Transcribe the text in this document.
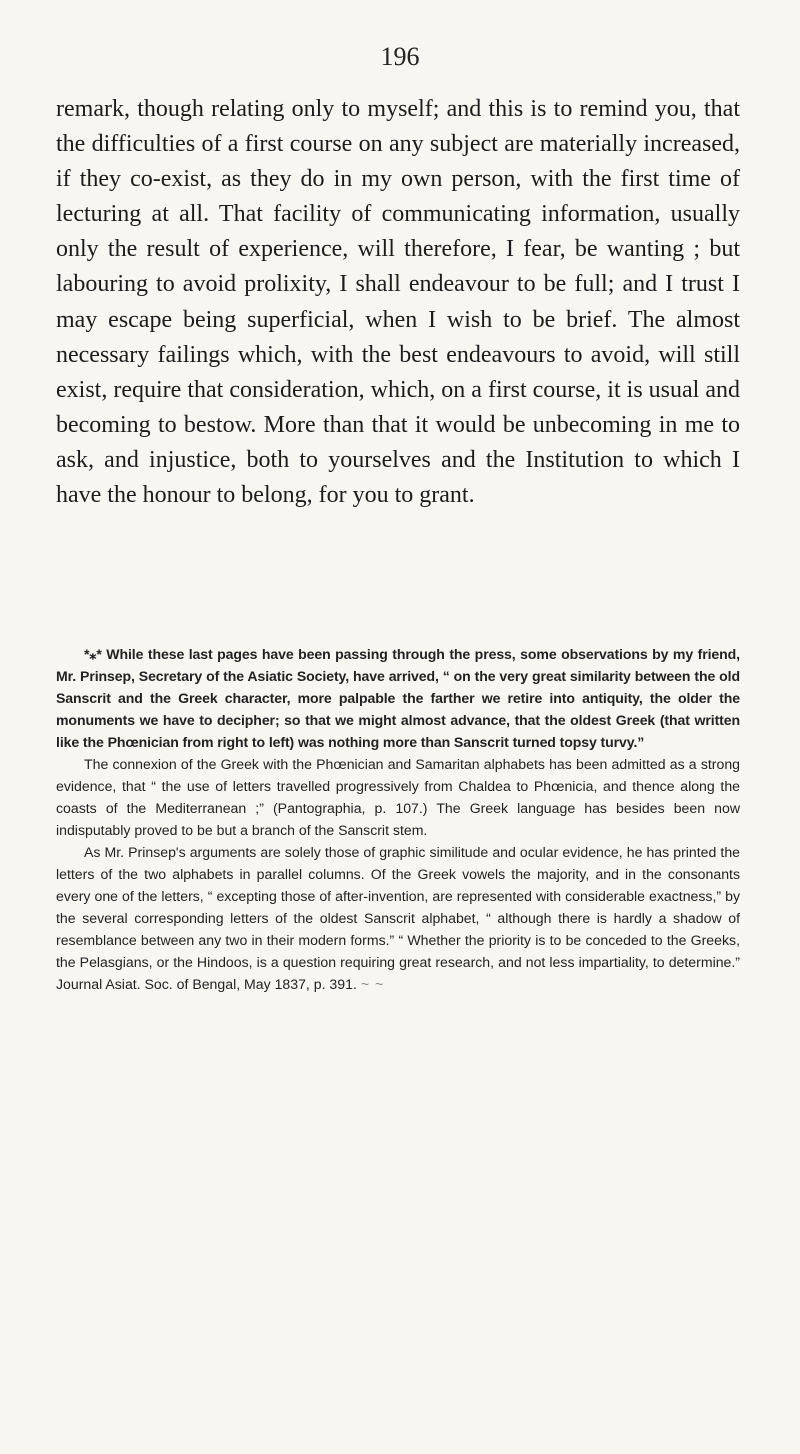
196

remark, though relating only to myself; and this is to remind you, that the difficulties of a first course on any subject are materially increased, if they co-exist, as they do in my own person, with the first time of lecturing at all. That facility of communicating information, usually only the result of experience, will therefore, I fear, be wanting ; but labouring to avoid prolixity, I shall endeavour to be full; and I trust I may escape being superficial, when I wish to be brief. The almost necessary failings which, with the best endeavours to avoid, will still exist, require that consideration, which, on a first course, it is usual and becoming to bestow. More than that it would be unbecoming in me to ask, and injustice, both to yourselves and the Institution to which I have the honour to belong, for you to grant.

*⁎* While these last pages have been passing through the press, some observations by my friend, Mr. Prinsep, Secretary of the Asiatic Society, have arrived, “ on the very great similarity between the old Sanscrit and the Greek character, more palpable the farther we retire into antiquity, the older the monuments we have to decipher; so that we might almost advance, that the oldest Greek (that written like the Phœnician from right to left) was nothing more than Sanscrit turned topsy turvy.”

The connexion of the Greek with the Phœnician and Samaritan alphabets has been admitted as a strong evidence, that “ the use of letters travelled progressively from Chaldea to Phœnicia, and thence along the coasts of the Mediterranean ;” (Pantographia, p. 107.) The Greek language has besides been now indisputably proved to be but a branch of the Sanscrit stem.

As Mr. Prinsep's arguments are solely those of graphic similitude and ocular evidence, he has printed the letters of the two alphabets in parallel columns. Of the Greek vowels the majority, and in the consonants every one of the letters, “ excepting those of after-invention, are represented with considerable exactness,” by the several corresponding letters of the oldest Sanscrit alphabet, “ although there is hardly a shadow of resemblance between any two in their modern forms.” “ Whether the priority is to be conceded to the Greeks, the Pelasgians, or the Hindoos, is a question requiring great research, and not less impartiality, to determine.” Journal Asiat. Soc. of Bengal, May 1837, p. 391. ~ ~
